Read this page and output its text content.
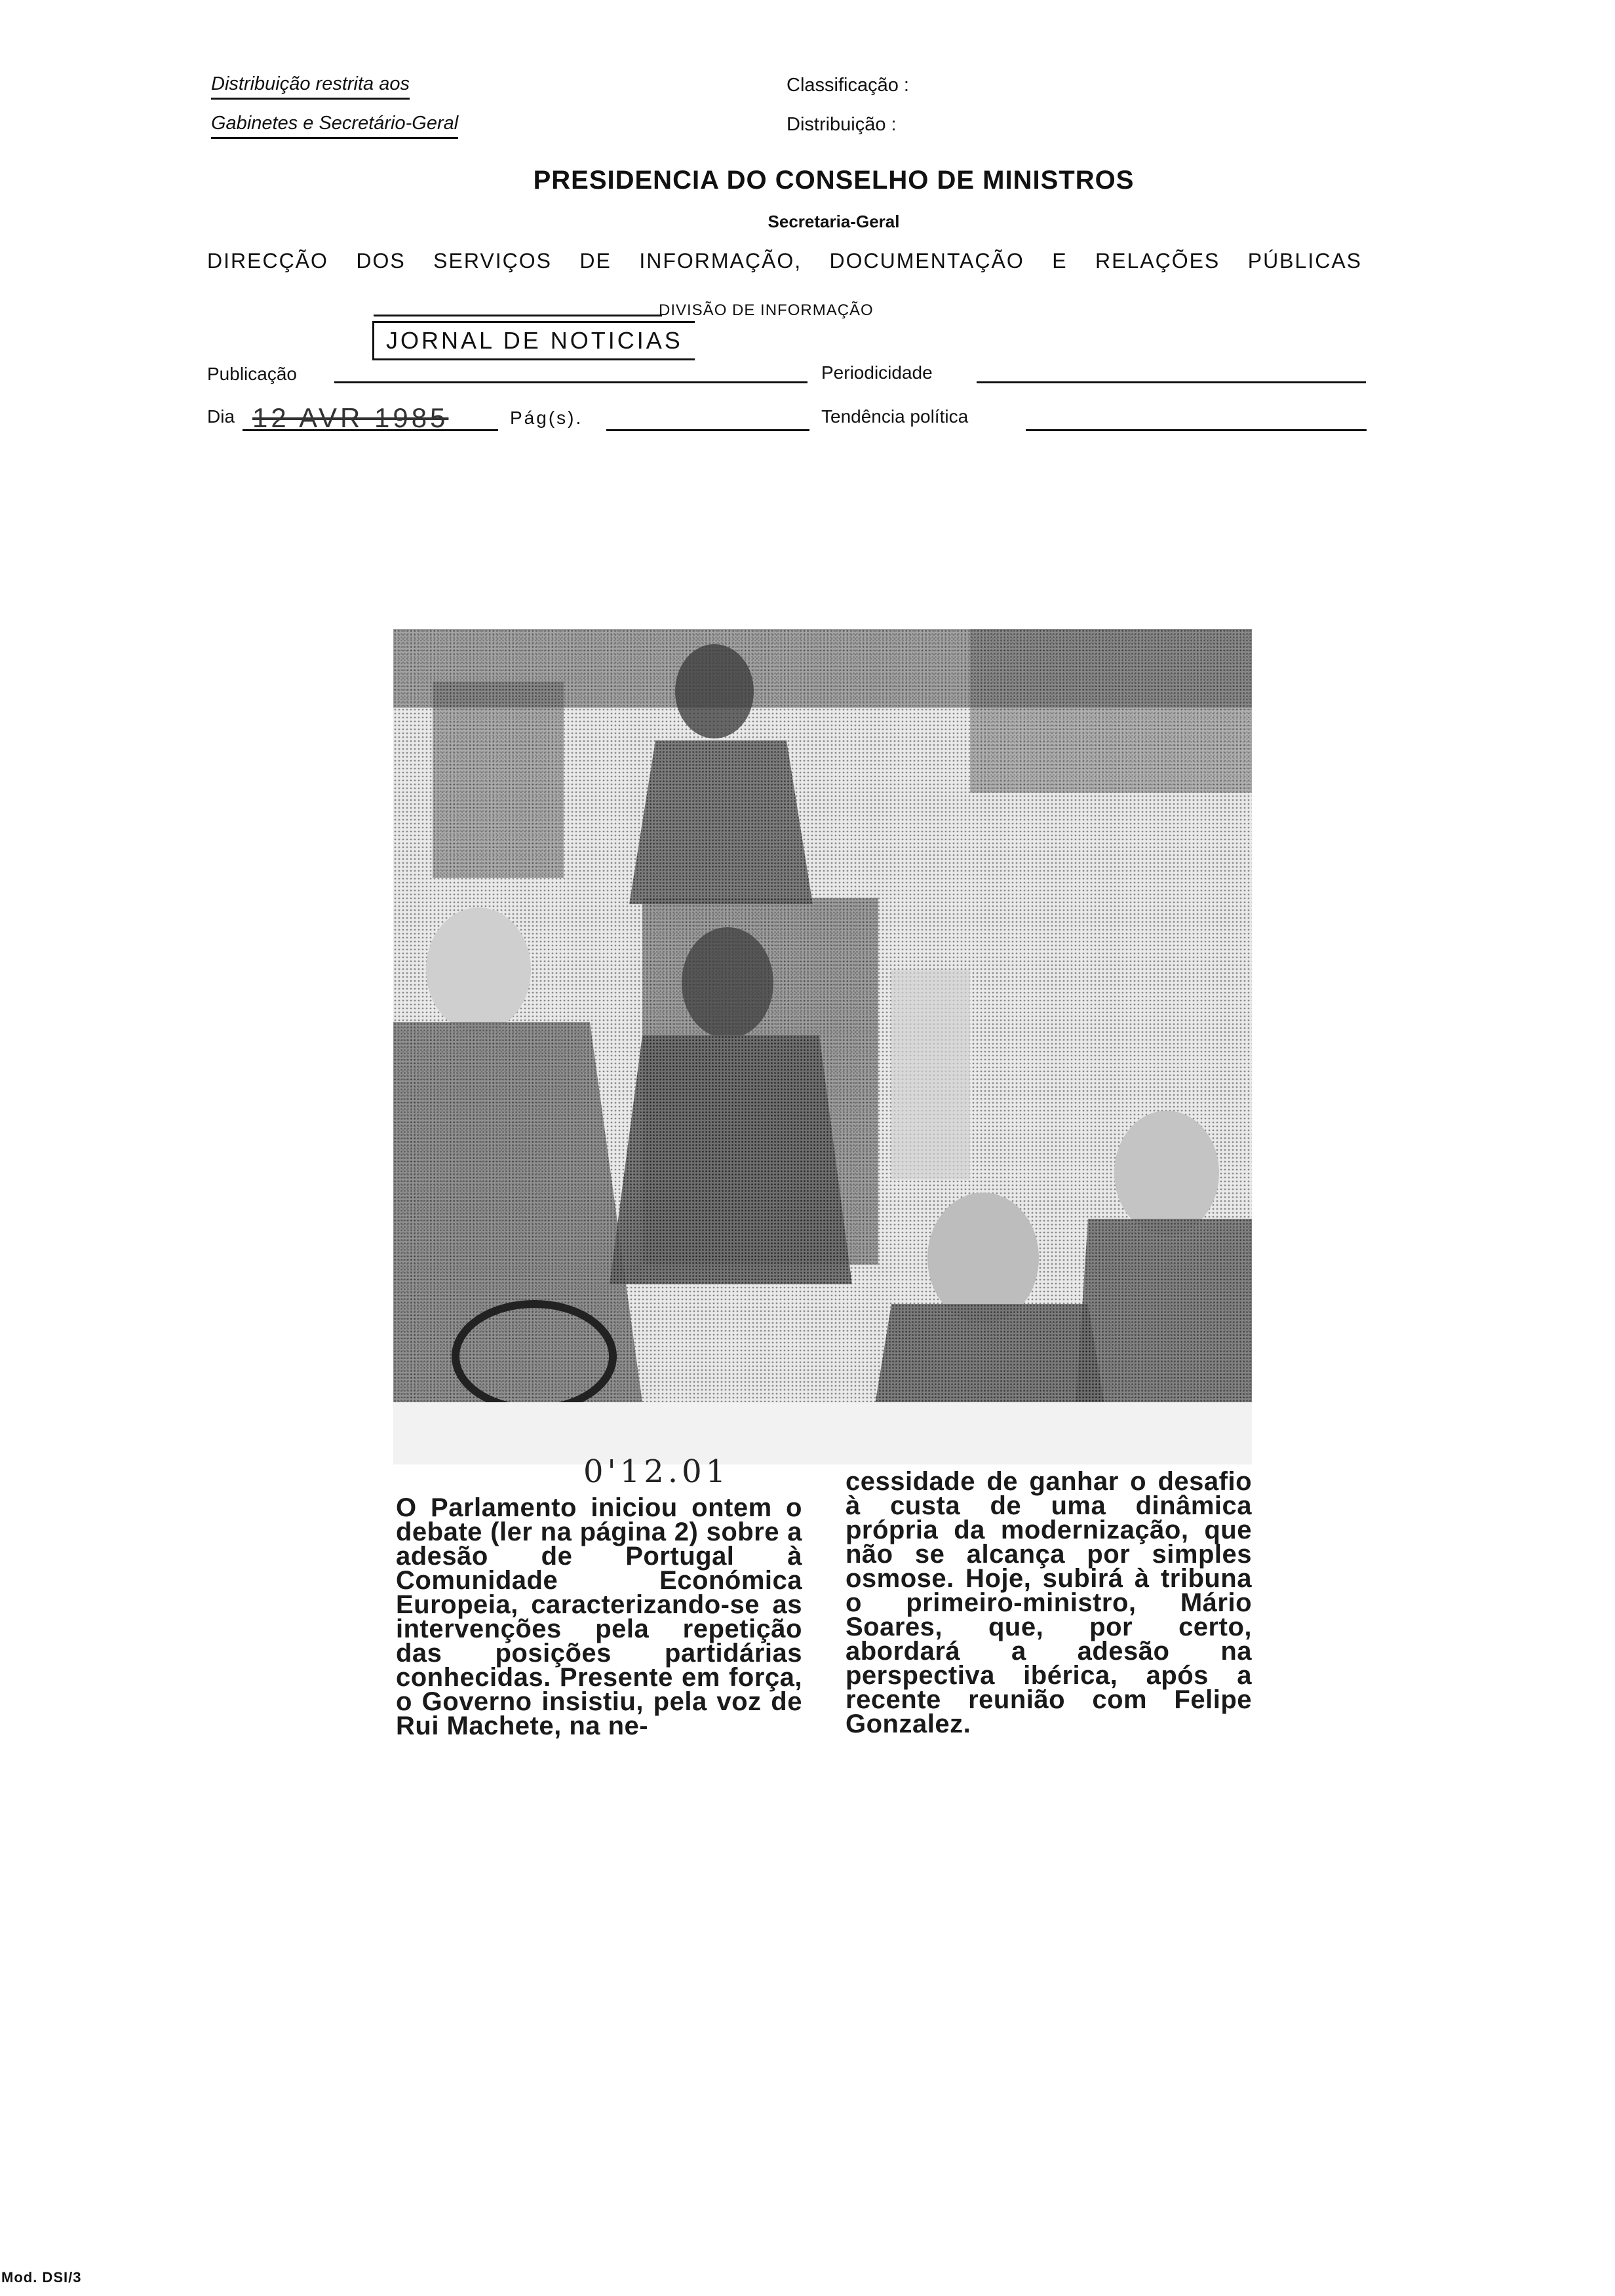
Distribuição restrita aos
Gabinetes e Secretário-Geral
Classificação :
Distribuição :
PRESIDENCIA DO CONSELHO DE MINISTROS
Secretaria-Geral
DIRECÇÃO DOS SERVIÇOS DE INFORMAÇÃO, DOCUMENTAÇÃO E RELAÇÕES PÚBLICAS
DIVISÃO DE INFORMAÇÃO
JORNAL DE NOTICIAS
Publicação	Periodicidade
Dia 12 AVR 1985	Pág(s).	Tendência política
0'12.01
O Parlamento iniciou ontem o debate (ler na página 2) sobre a adesão de Portugal à Comunidade Económica Europeia, caracterizando-se as intervenções pela repetição das posições partidárias conhecidas. Presente em força, o Governo insistiu, pela voz de Rui Machete, na ne-
cessidade de ganhar o desafio à custa de uma dinâmica própria da modernização, que não se alcança por simples osmose. Hoje, subirá à tribuna o primeiro-ministro, Mário Soares, que, por certo, abordará a adesão na perspectiva ibérica, após a recente reunião com Felipe Gonzalez.
Mod. DSI/3
